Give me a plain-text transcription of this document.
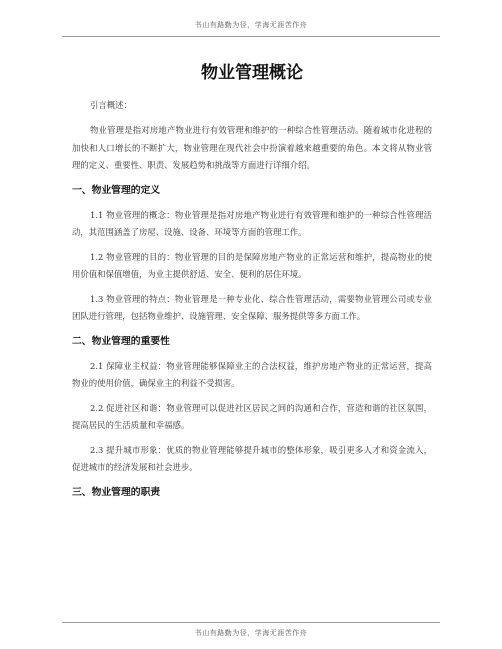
书山有路勤为径，学海无涯苦作舟
物业管理概论
引言概述：

物业管理是指对房地产物业进行有效管理和维护的一种综合性管理活动。随着城市化进程的加快和人口增长的不断扩大，物业管理在现代社会中扮演着越来越重要的角色。本文将从物业管理的定义、重要性、职责、发展趋势和挑战等方面进行详细介绍。

一、物业管理的定义

1.1 物业管理的概念：物业管理是指对房地产物业进行有效管理和维护的一种综合性管理活动，其范围涵盖了房屋、设施、设备、环境等方面的管理工作。

1.2 物业管理的目的：物业管理的目的是保障房地产物业的正常运营和维护，提高物业的使用价值和保值增值，为业主提供舒适、安全、便利的居住环境。

1.3 物业管理的特点：物业管理是一种专业化、综合性管理活动，需要物业管理公司或专业团队进行管理，包括物业维护、设施管理、安全保障、服务提供等多方面工作。

二、物业管理的重要性

2.1 保障业主权益：物业管理能够保障业主的合法权益，维护房地产物业的正常运营，提高物业的使用价值，确保业主的利益不受损害。

2.2 促进社区和谐：物业管理可以促进社区居民之间的沟通和合作，营造和谐的社区氛围，提高居民的生活质量和幸福感。

2.3 提升城市形象：优质的物业管理能够提升城市的整体形象，吸引更多人才和资金流入，促进城市的经济发展和社会进步。

三、物业管理的职责
书山有路勤为径，学海无涯苦作舟
